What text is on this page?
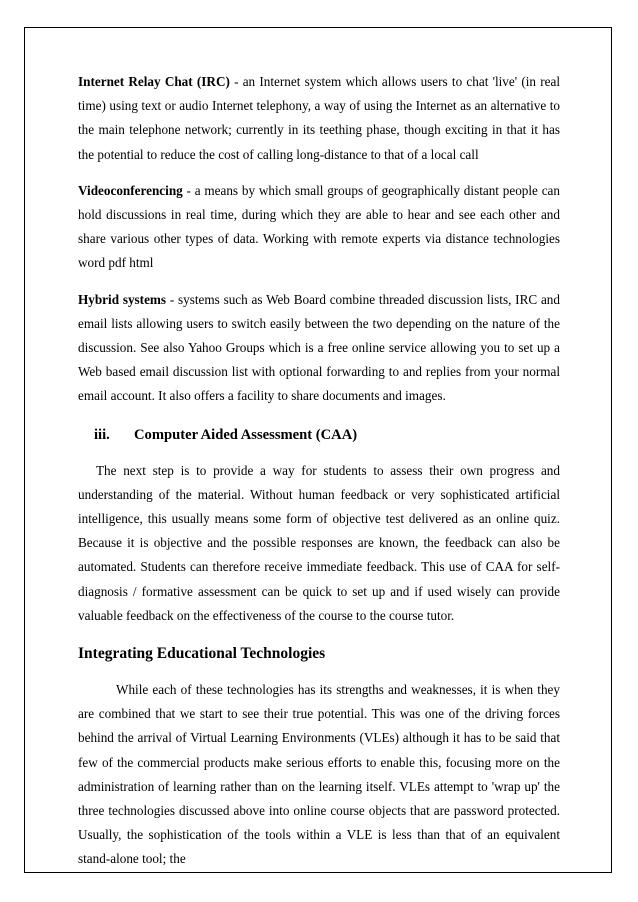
Internet Relay Chat (IRC) - an Internet system which allows users to chat 'live' (in real time) using text or audio Internet telephony, a way of using the Internet as an alternative to the main telephone network; currently in its teething phase, though exciting in that it has the potential to reduce the cost of calling long-distance to that of a local call

Videoconferencing - a means by which small groups of geographically distant people can hold discussions in real time, during which they are able to hear and see each other and share various other types of data. Working with remote experts via distance technologies word pdf html

Hybrid systems - systems such as Web Board combine threaded discussion lists, IRC and email lists allowing users to switch easily between the two depending on the nature of the discussion. See also Yahoo Groups which is a free online service allowing you to set up a Web based email discussion list with optional forwarding to and replies from your normal email account. It also offers a facility to share documents and images.

iii.	Computer Aided Assessment (CAA)

The next step is to provide a way for students to assess their own progress and understanding of the material. Without human feedback or very sophisticated artificial intelligence, this usually means some form of objective test delivered as an online quiz. Because it is objective and the possible responses are known, the feedback can also be automated. Students can therefore receive immediate feedback. This use of CAA for self-diagnosis / formative assessment can be quick to set up and if used wisely can provide valuable feedback on the effectiveness of the course to the course tutor.

Integrating Educational Technologies

While each of these technologies has its strengths and weaknesses, it is when they are combined that we start to see their true potential. This was one of the driving forces behind the arrival of Virtual Learning Environments (VLEs) although it has to be said that few of the commercial products make serious efforts to enable this, focusing more on the administration of learning rather than on the learning itself. VLEs attempt to 'wrap up' the three technologies discussed above into online course objects that are password protected. Usually, the sophistication of the tools within a VLE is less than that of an equivalent stand-alone tool; the
